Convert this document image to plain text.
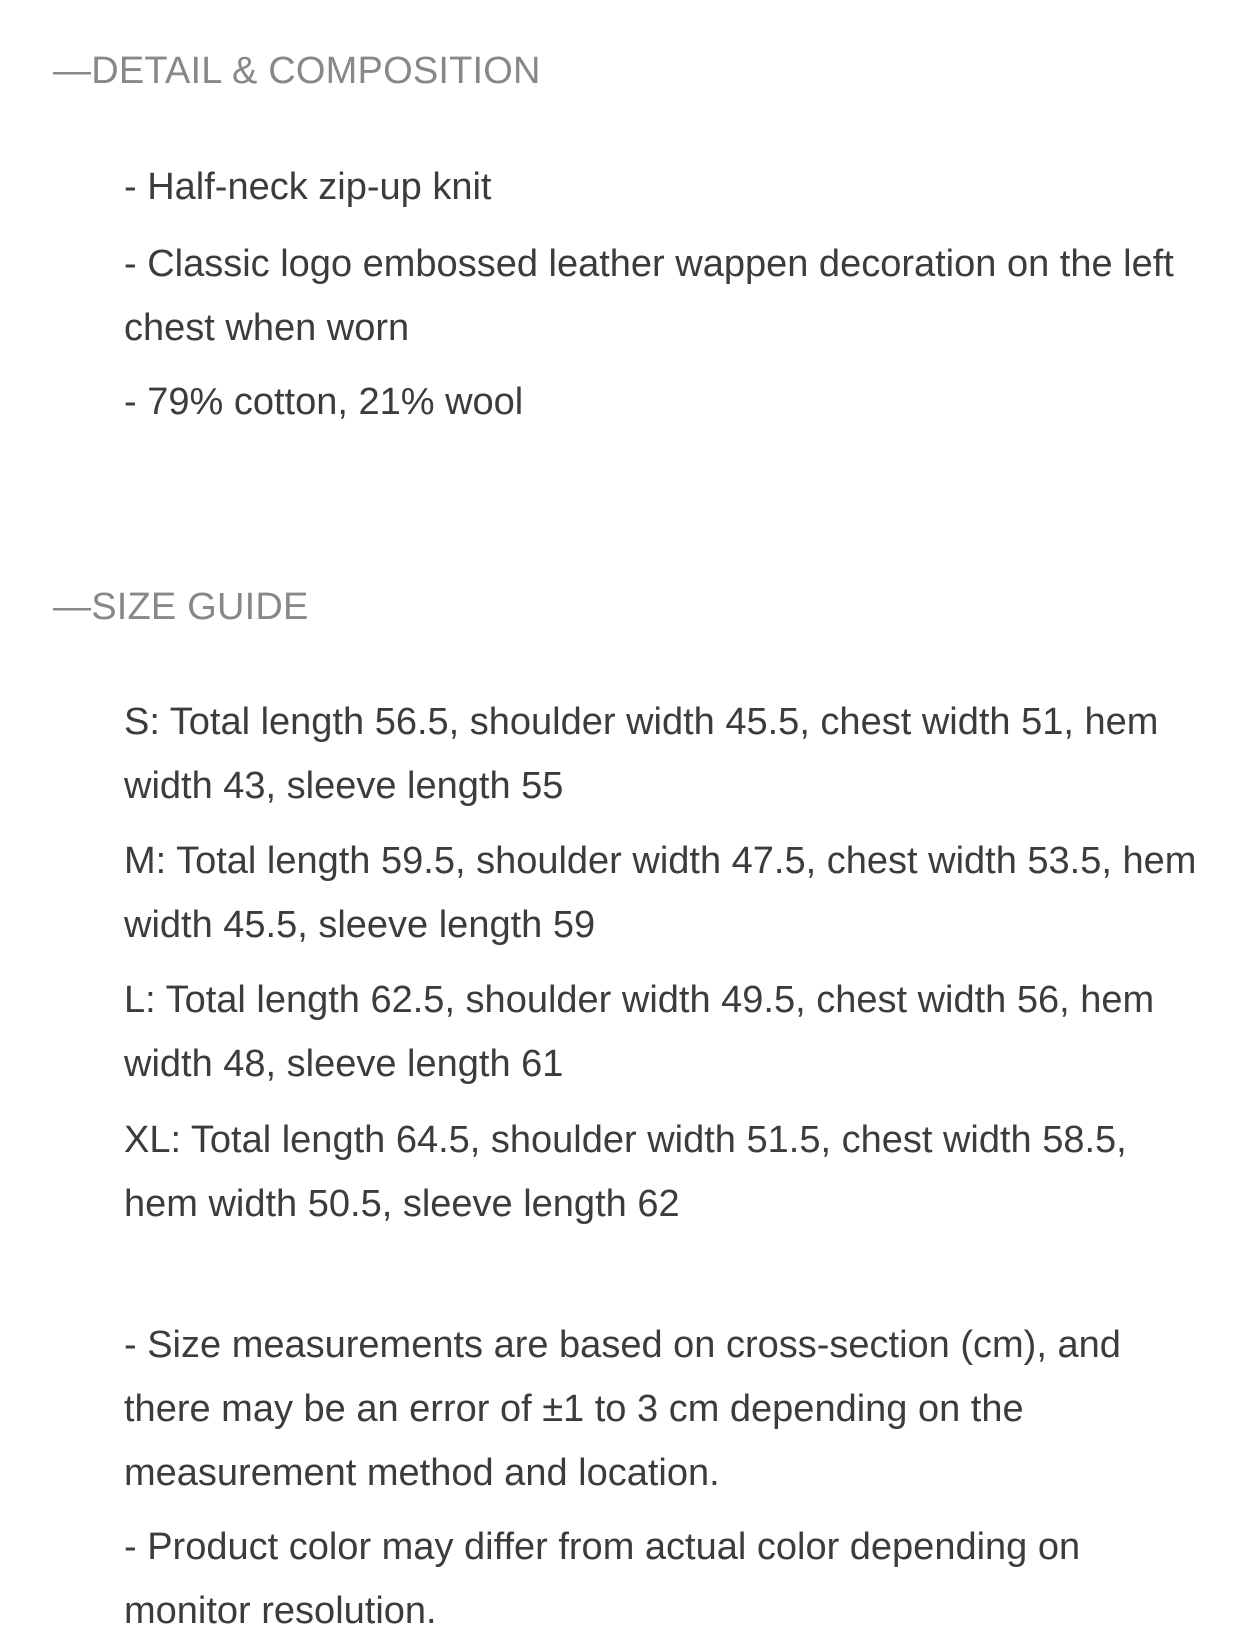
—DETAIL & COMPOSITION

- Half-neck zip-up knit

- Classic logo embossed leather wappen decoration on the left chest when worn

- 79% cotton, 21% wool

—SIZE GUIDE

S: Total length 56.5, shoulder width 45.5, chest width 51, hem width 43, sleeve length 55

M: Total length 59.5, shoulder width 47.5, chest width 53.5, hem width 45.5, sleeve length 59

L: Total length 62.5, shoulder width 49.5, chest width 56, hem width 48, sleeve length 61

XL: Total length 64.5, shoulder width 51.5, chest width 58.5, hem width 50.5, sleeve length 62

- Size measurements are based on cross-section (cm), and there may be an error of ±1 to 3 cm depending on the measurement method and location.

- Product color may differ from actual color depending on monitor resolution.
